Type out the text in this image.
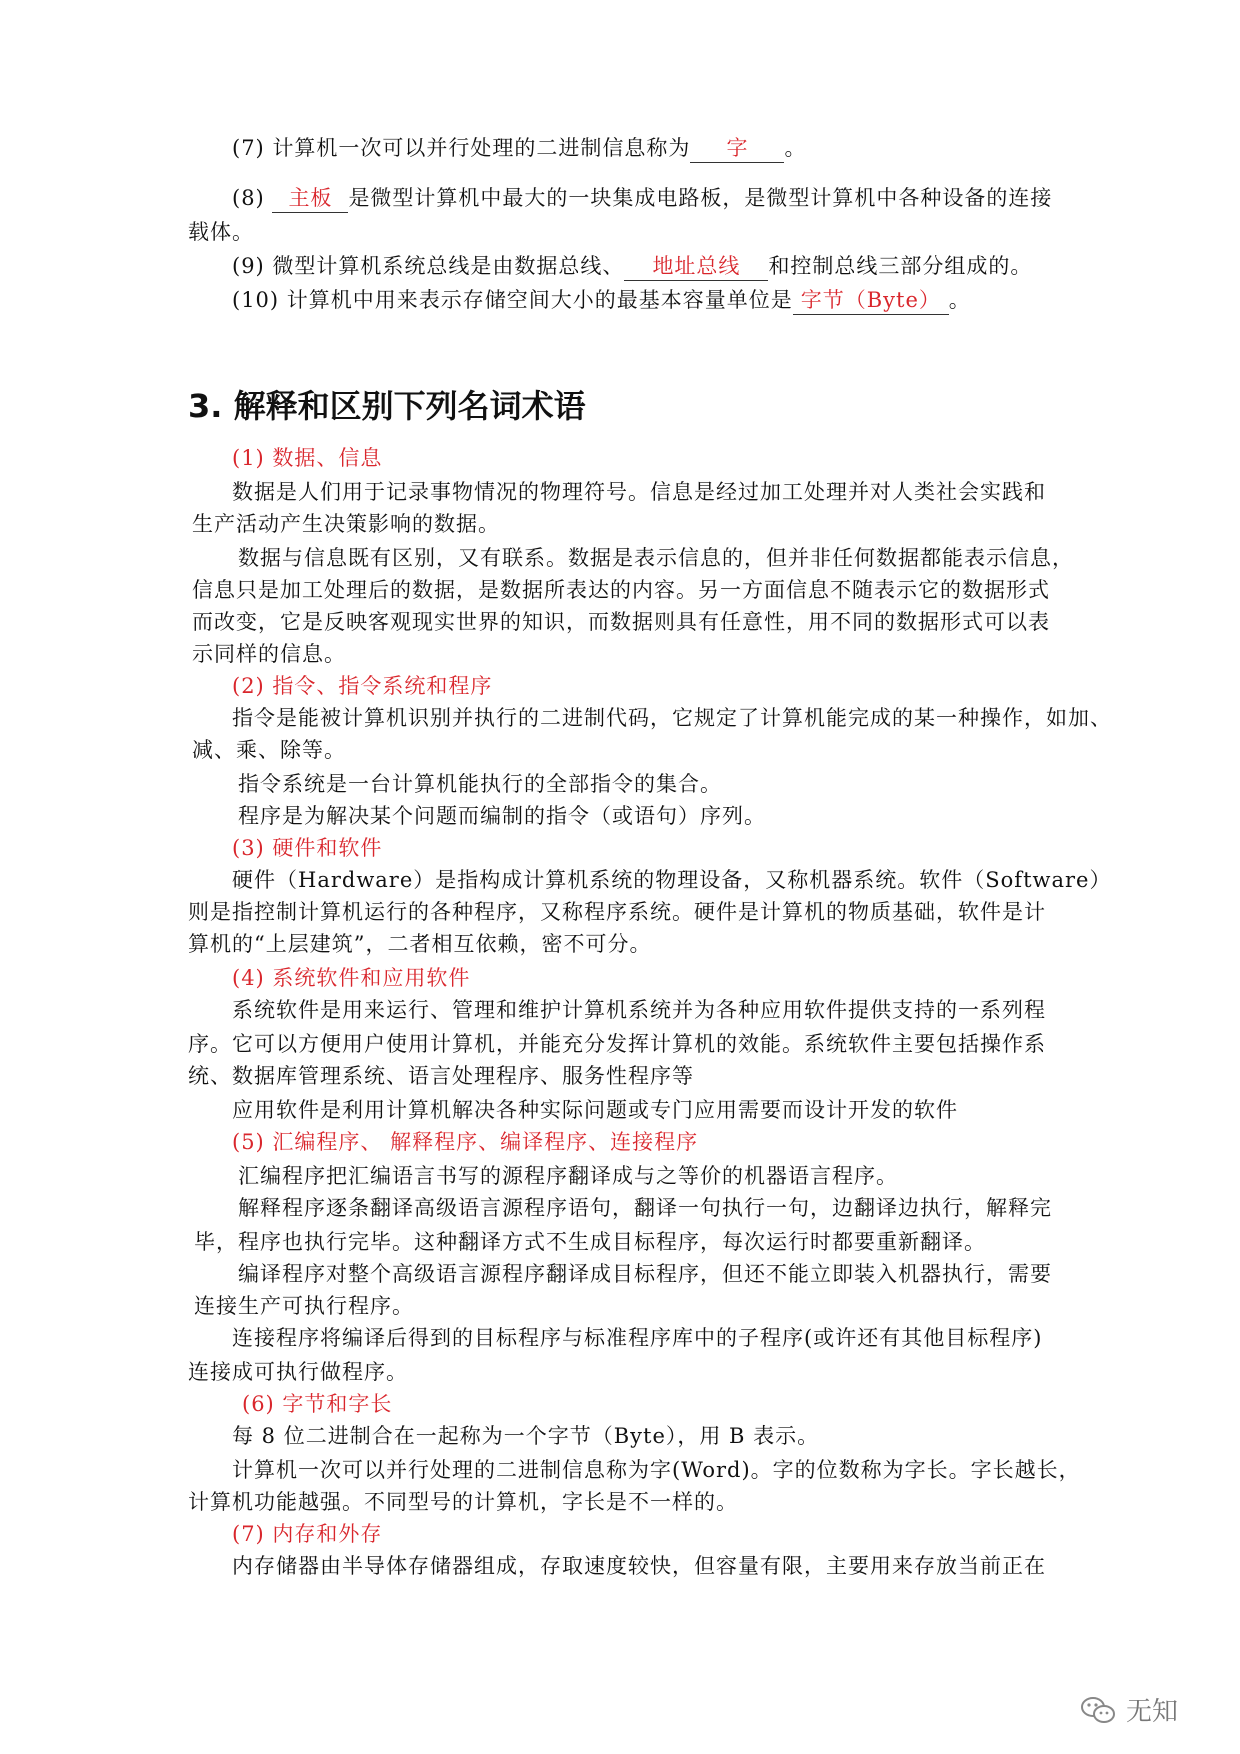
(7) 计算机一次可以并行处理的二进制信息称为 字 。
(8) 主板 是微型计算机中最大的一块集成电路板，是微型计算机中各种设备的连接
载体。
(9) 微型计算机系统总线是由数据总线、 地址总线 和控制总线三部分组成的。
(10) 计算机中用来表示存储空间大小的最基本容量单位是 字节（Byte） 。
3. 解释和区别下列名词术语
(1) 数据、信息
数据是人们用于记录事物情况的物理符号。信息是经过加工处理并对人类社会实践和
生产活动产生决策影响的数据。
数据与信息既有区别，又有联系。数据是表示信息的，但并非任何数据都能表示信息，
信息只是加工处理后的数据，是数据所表达的内容。另一方面信息不随表示它的数据形式
而改变，它是反映客观现实世界的知识，而数据则具有任意性，用不同的数据形式可以表
示同样的信息。
(2) 指令、指令系统和程序
指令是能被计算机识别并执行的二进制代码，它规定了计算机能完成的某一种操作，如加、
减、乘、除等。
指令系统是一台计算机能执行的全部指令的集合。
程序是为解决某个问题而编制的指令（或语句）序列。
(3) 硬件和软件
硬件（Hardware）是指构成计算机系统的物理设备，又称机器系统。软件（Software）
则是指控制计算机运行的各种程序，又称程序系统。硬件是计算机的物质基础，软件是计
算机的“上层建筑”，二者相互依赖，密不可分。
(4) 系统软件和应用软件
系统软件是用来运行、管理和维护计算机系统并为各种应用软件提供支持的一系列程
序。它可以方便用户使用计算机，并能充分发挥计算机的效能。系统软件主要包括操作系
统、数据库管理系统、语言处理程序、服务性程序等
应用软件是利用计算机解决各种实际问题或专门应用需要而设计开发的软件
(5) 汇编程序、 解释程序、编译程序、连接程序
汇编程序把汇编语言书写的源程序翻译成与之等价的机器语言程序。
解释程序逐条翻译高级语言源程序语句，翻译一句执行一句，边翻译边执行，解释完
毕，程序也执行完毕。这种翻译方式不生成目标程序，每次运行时都要重新翻译。
编译程序对整个高级语言源程序翻译成目标程序，但还不能立即装入机器执行，需要
连接生产可执行程序。
连接程序将编译后得到的目标程序与标准程序库中的子程序(或许还有其他目标程序)
连接成可执行做程序。
(6) 字节和字长
每 8 位二进制合在一起称为一个字节（Byte），用 B 表示。
计算机一次可以并行处理的二进制信息称为字(Word)。字的位数称为字长。字长越长，
计算机功能越强。不同型号的计算机，字长是不一样的。
(7) 内存和外存
内存储器由半导体存储器组成，存取速度较快，但容量有限，主要用来存放当前正在
无知
